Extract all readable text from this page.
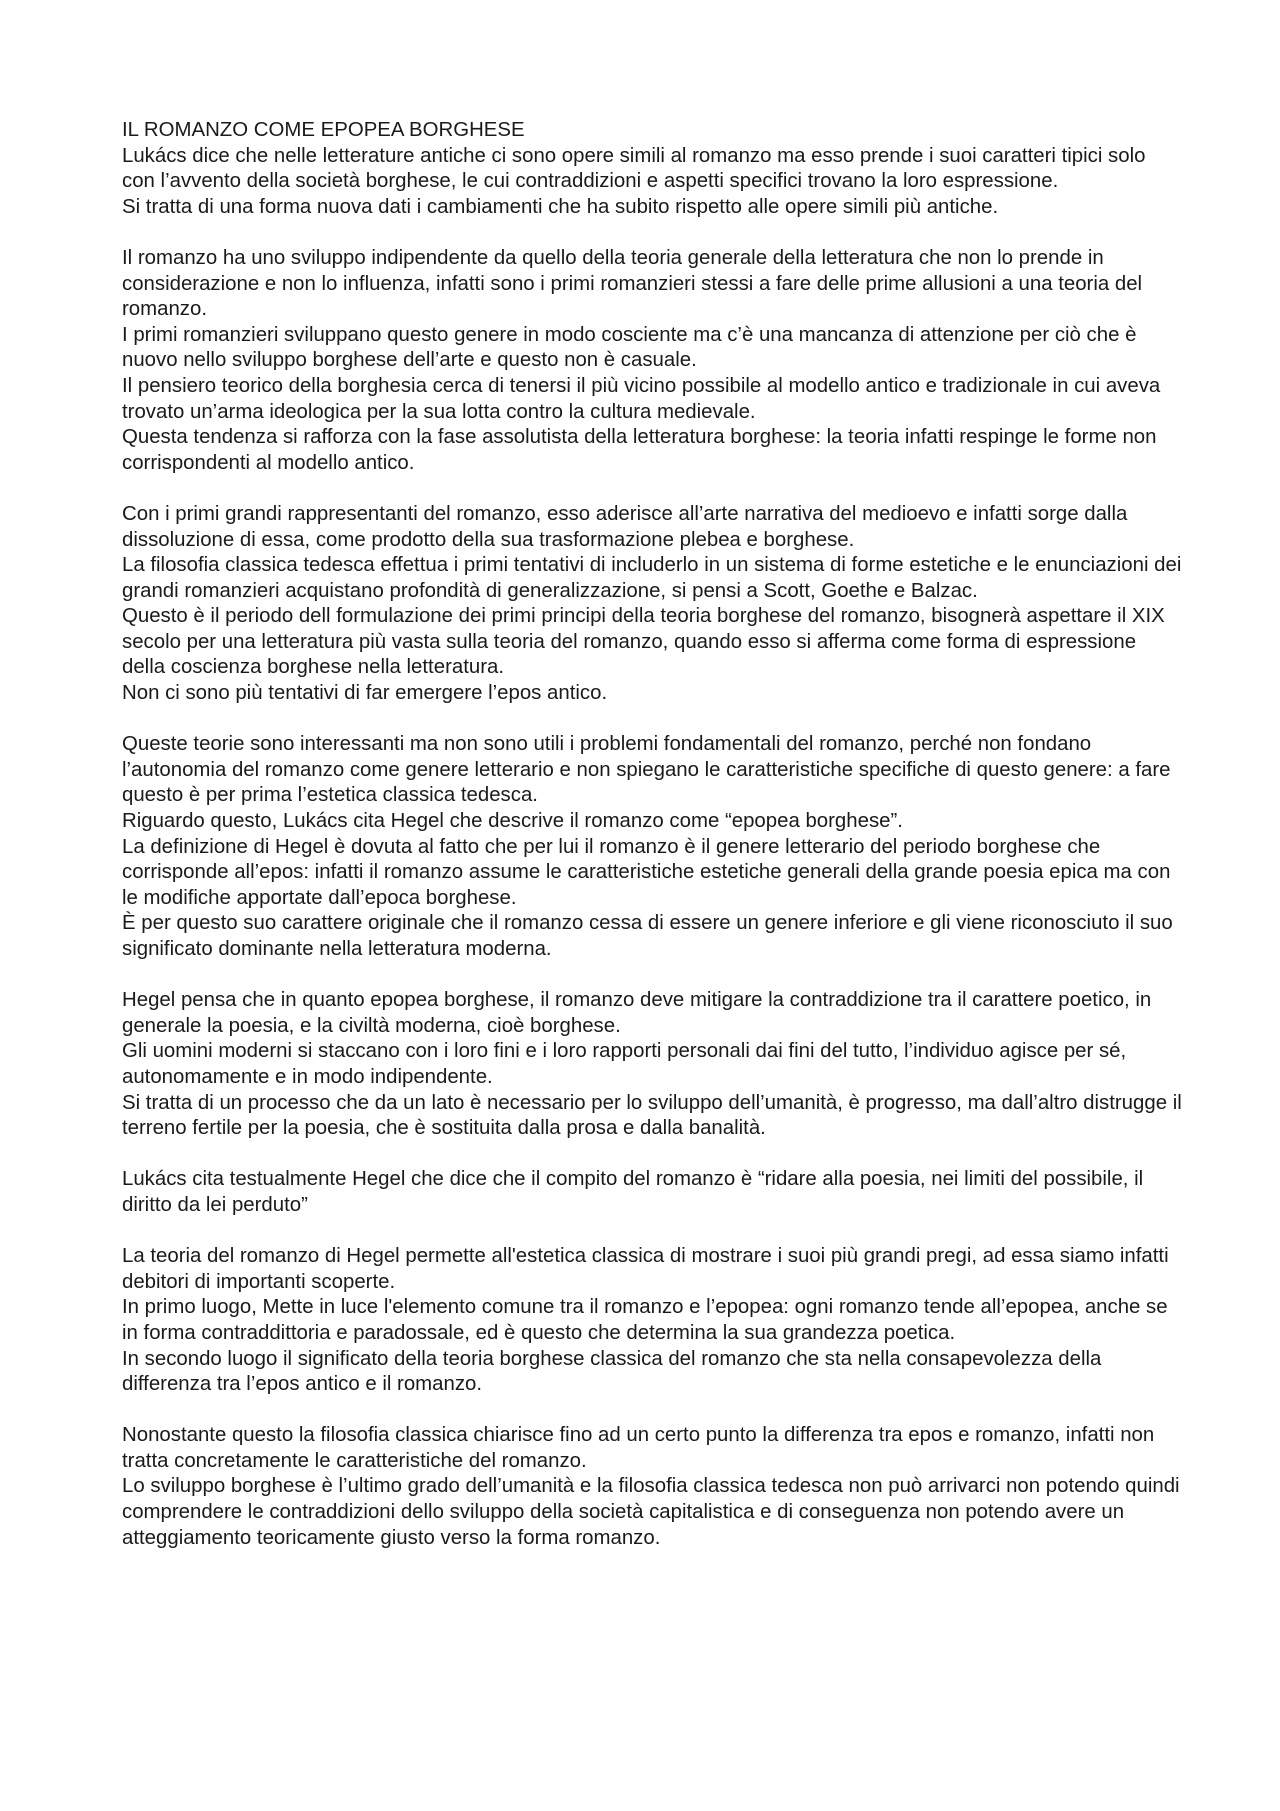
IL ROMANZO COME EPOPEA BORGHESE

Lukács dice che nelle letterature antiche ci sono opere simili al romanzo ma esso prende i suoi caratteri tipici solo con l’avvento della società borghese, le cui contraddizioni e aspetti specifici trovano la loro espressione.

Si tratta di una forma nuova dati i cambiamenti che ha subito rispetto alle opere simili più antiche.

Il romanzo ha uno sviluppo indipendente da quello della teoria generale della letteratura che non lo prende in considerazione e non lo influenza, infatti sono i primi romanzieri stessi a fare delle prime allusioni a una teoria del romanzo.

I primi romanzieri sviluppano questo genere in modo cosciente ma c’è una mancanza di attenzione per ciò che è nuovo nello sviluppo borghese dell’arte e questo non è casuale.

Il pensiero teorico della borghesia cerca di tenersi il più vicino possibile al modello antico e tradizionale in cui aveva trovato un’arma ideologica per la sua lotta contro la cultura medievale.

Questa tendenza si rafforza con la fase assolutista della letteratura borghese: la teoria infatti respinge le forme non corrispondenti al modello antico.

Con i primi grandi rappresentanti del romanzo, esso aderisce all’arte narrativa del medioevo e infatti sorge dalla dissoluzione di essa, come prodotto della sua trasformazione plebea e borghese.

La filosofia classica tedesca effettua i primi tentativi di includerlo in un sistema di forme estetiche e le enunciazioni dei grandi romanzieri acquistano profondità di generalizzazione, si pensi a Scott, Goethe e Balzac.

Questo è il periodo dell formulazione dei primi principi della teoria borghese del romanzo, bisognerà aspettare il XIX secolo per una letteratura più vasta sulla teoria del romanzo, quando esso si afferma come forma di espressione della coscienza borghese nella letteratura.

Non ci sono più tentativi di far emergere l’epos antico.

Queste teorie sono interessanti ma non sono utili i problemi fondamentali del romanzo, perché non fondano l’autonomia del romanzo come genere letterario e non spiegano le caratteristiche specifiche di questo genere: a fare questo è per prima l’estetica classica tedesca.

Riguardo questo, Lukács cita Hegel che descrive il romanzo come “epopea borghese”.

La definizione di Hegel è dovuta al fatto che per lui il romanzo è il genere letterario del periodo borghese che corrisponde all’epos: infatti il romanzo assume le caratteristiche estetiche generali della grande poesia epica ma con le modifiche apportate dall’epoca borghese.

È per questo suo carattere originale che il romanzo cessa di essere un genere inferiore e gli viene riconosciuto il suo significato dominante nella letteratura moderna.

Hegel pensa che in quanto epopea borghese, il romanzo deve mitigare la contraddizione tra il carattere poetico, in generale la poesia, e la civiltà moderna, cioè borghese.

Gli uomini moderni si staccano con i loro fini e i loro rapporti personali dai fini del tutto, l’individuo agisce per sé, autonomamente e in modo indipendente.

Si tratta di un processo che da un lato è necessario per lo sviluppo dell’umanità, è progresso, ma dall’altro distrugge il terreno fertile per la poesia, che è sostituita dalla prosa e dalla banalità.

Lukács cita testualmente Hegel che dice che il compito del romanzo è “ridare alla poesia, nei limiti del possibile, il diritto da lei perduto”

La teoria del romanzo di Hegel permette all'estetica classica di mostrare i suoi più grandi pregi, ad essa siamo infatti debitori di importanti scoperte.

In primo luogo, Mette in luce l'elemento comune tra il romanzo e l’epopea: ogni romanzo tende all’epopea, anche se in forma contraddittoria e paradossale, ed è questo che determina la sua grandezza poetica.

In secondo luogo il significato della teoria borghese classica del romanzo che sta nella consapevolezza della differenza tra l’epos antico e il romanzo.

Nonostante questo la filosofia classica chiarisce fino ad un certo punto la differenza tra epos e romanzo, infatti non tratta concretamente le caratteristiche del romanzo.

Lo sviluppo borghese è l’ultimo grado dell’umanità e la filosofia classica tedesca non può arrivarci non potendo quindi comprendere le contraddizioni dello sviluppo della società capitalistica e di conseguenza non potendo avere un atteggiamento teoricamente giusto verso la forma romanzo.
